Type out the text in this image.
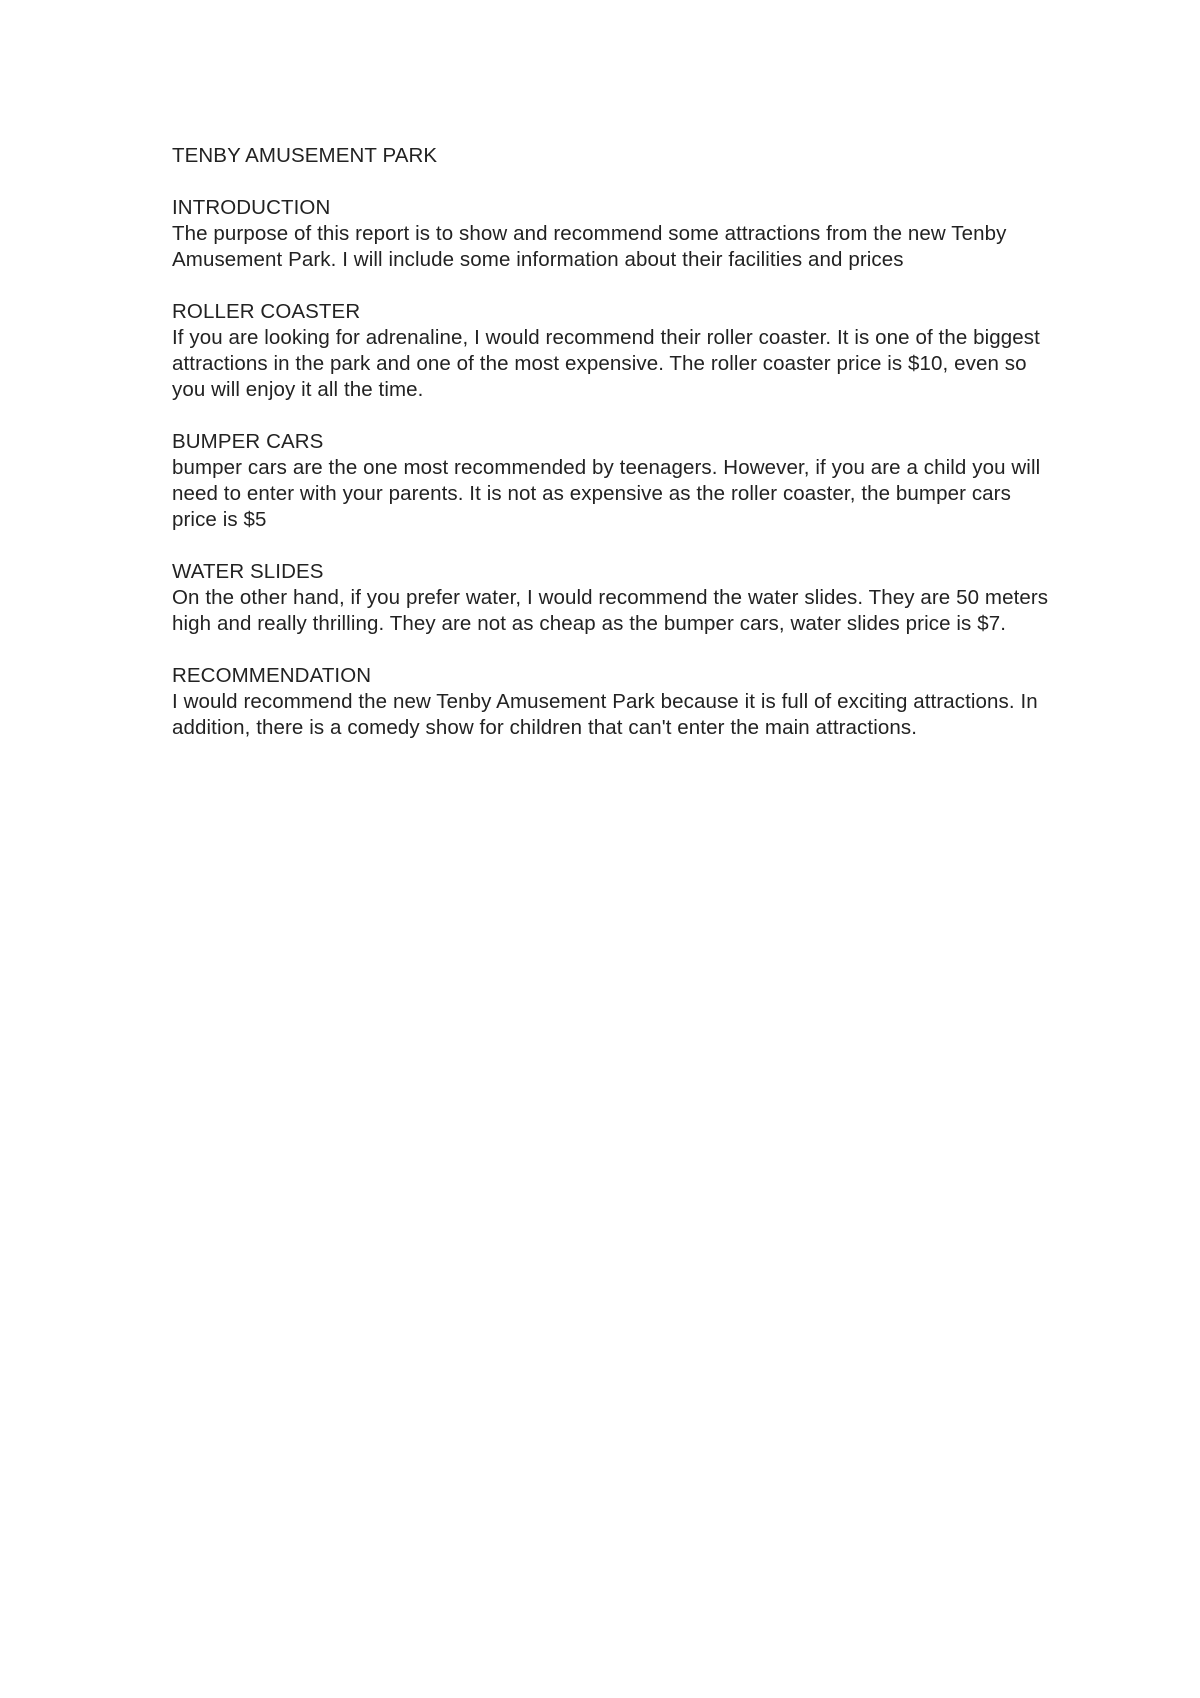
TENBY AMUSEMENT PARK
INTRODUCTION

The purpose of this report is to show and recommend some attractions from the new Tenby Amusement Park. I will include some information about their facilities and prices

ROLLER COASTER

If you are looking for adrenaline, I would recommend their roller coaster. It is one of the biggest attractions in the park and one of the most expensive. The roller coaster price is $10, even so you will enjoy it all the time.

BUMPER CARS

bumper cars are the one most recommended by teenagers. However, if you are a child you will need to enter with your parents. It is not as expensive as the roller coaster, the bumper cars price is $5

WATER SLIDES

On the other hand, if you prefer water, I would recommend the water slides. They are 50 meters high and really thrilling. They are not as cheap as the bumper cars, water slides price is $7.

RECOMMENDATION

I would recommend the new Tenby Amusement Park because it is full of exciting attractions. In addition, there is a comedy show for children that can't enter the main attractions.
